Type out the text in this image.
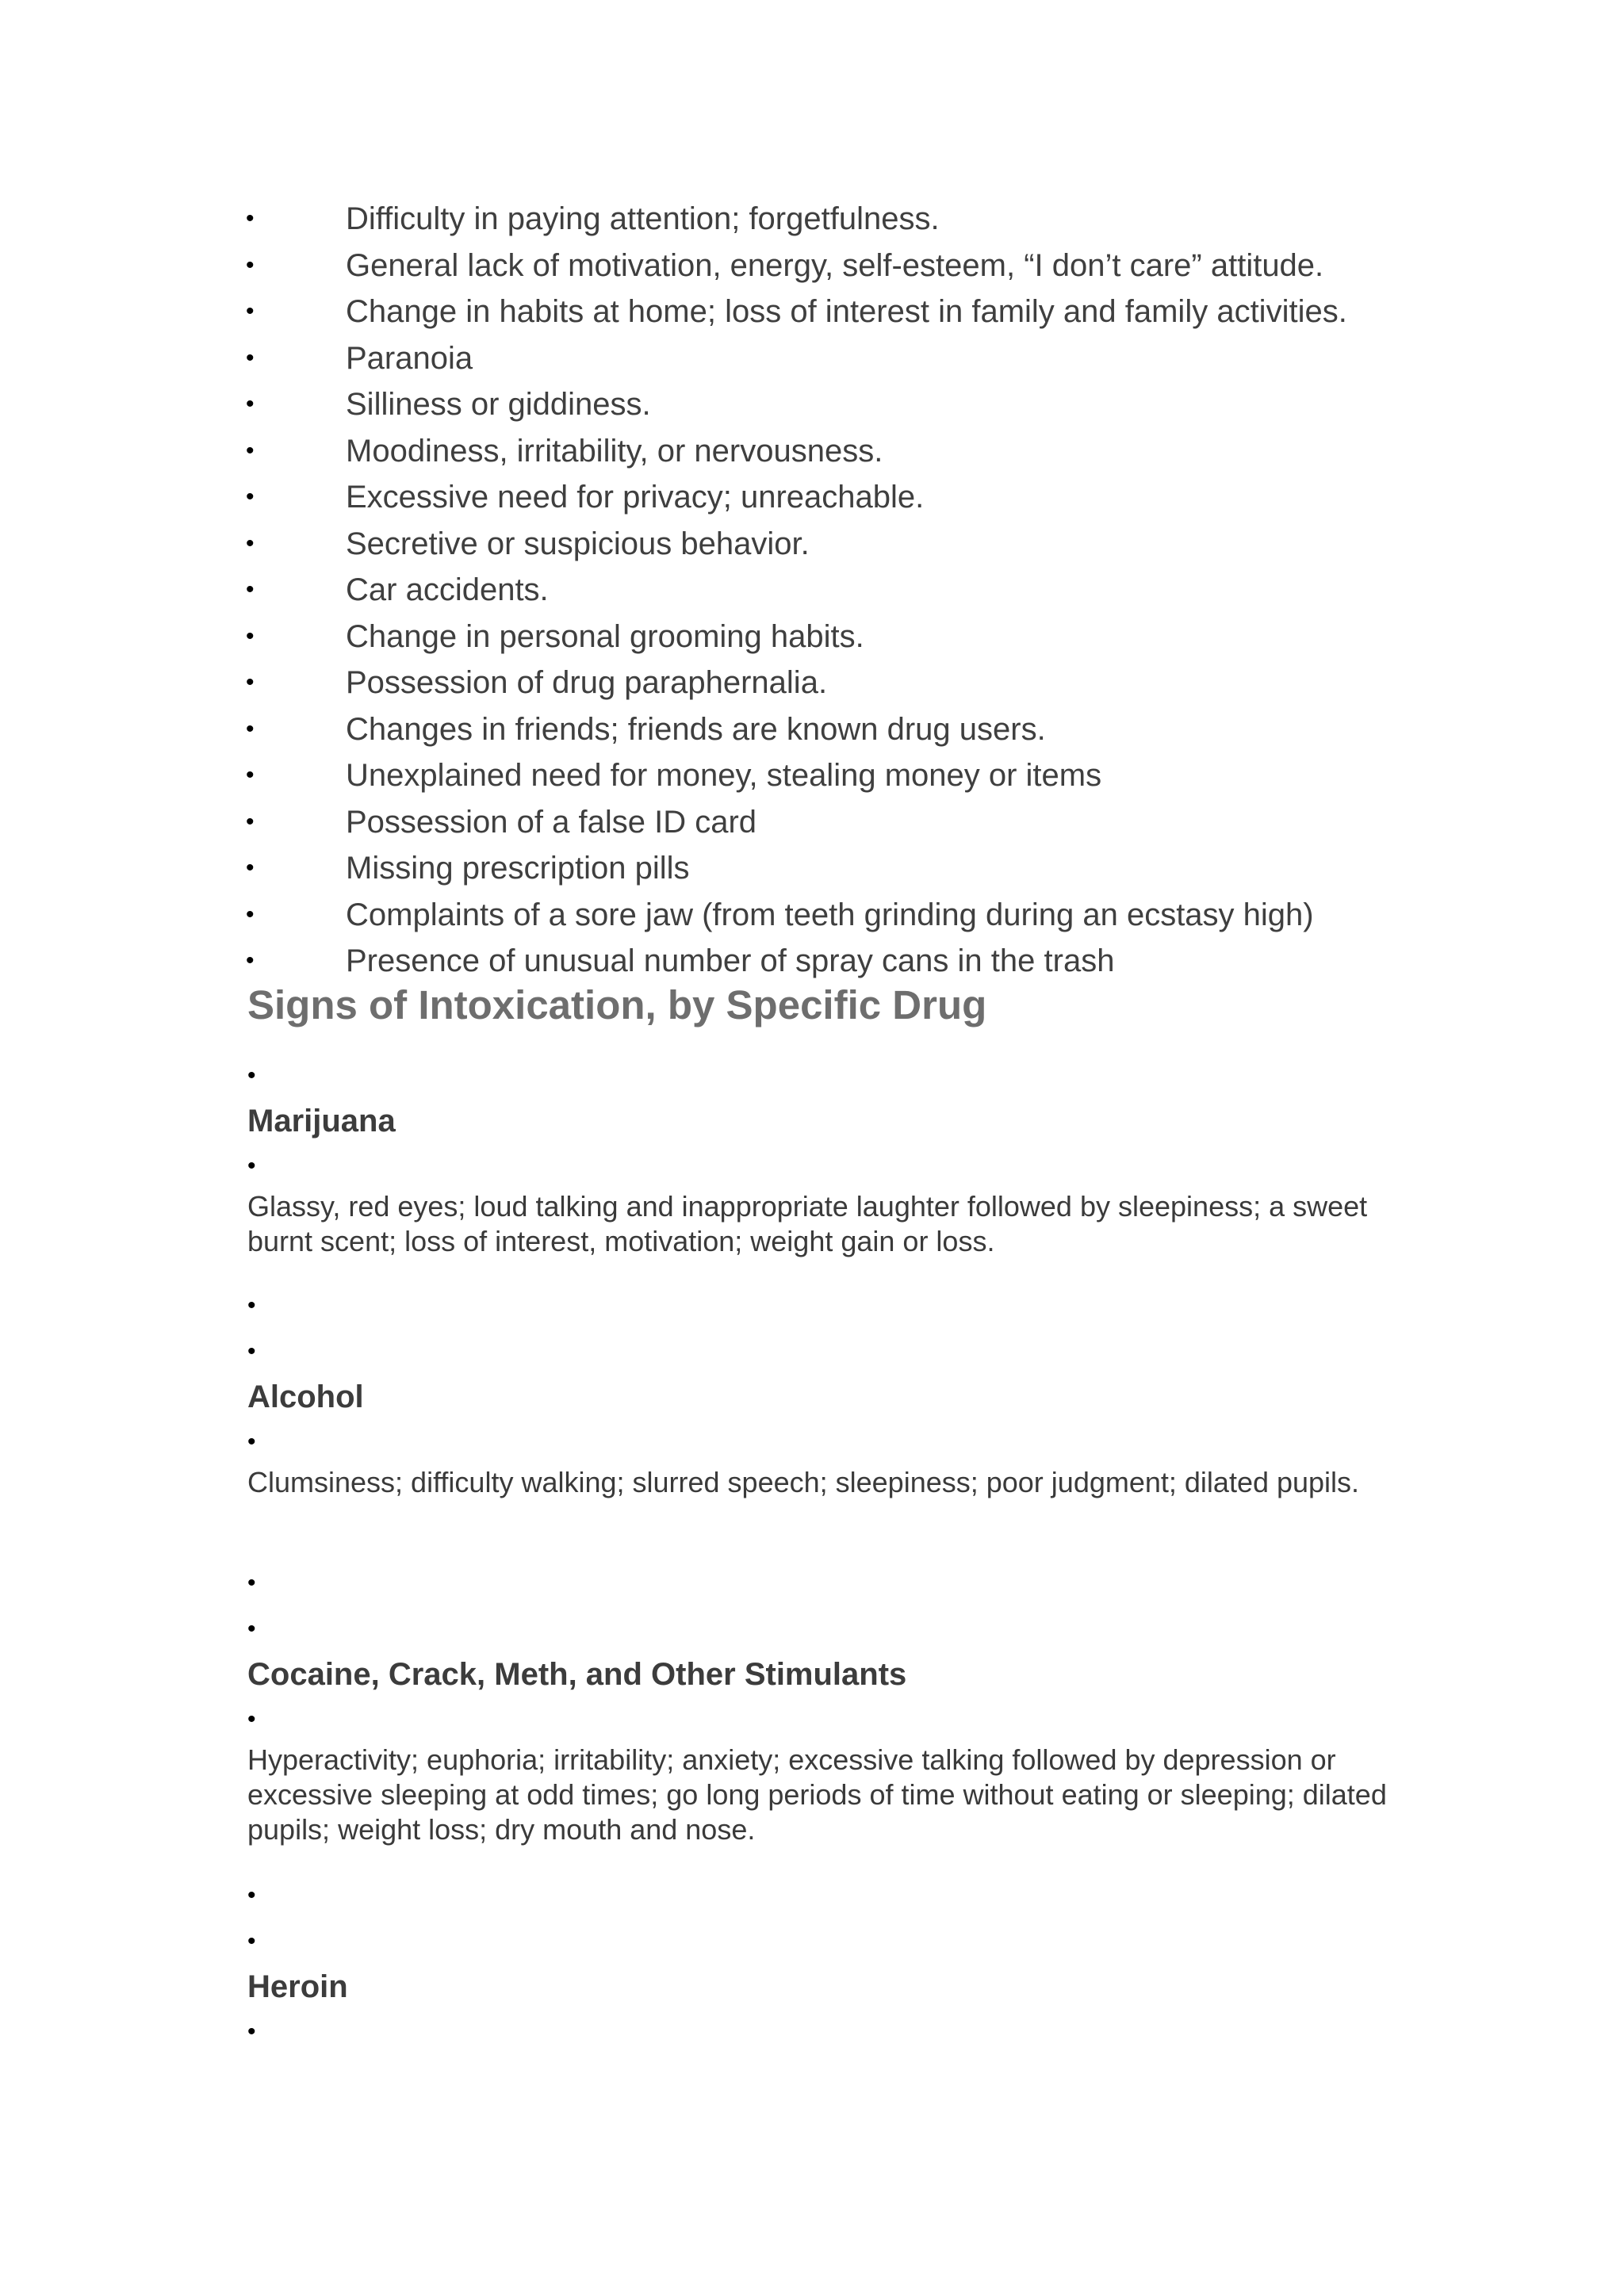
•	Difficulty in paying attention; forgetfulness.
•	General lack of motivation, energy, self-esteem, “I don’t care” attitude.
•	Change in habits at home; loss of interest in family and family activities.
•	Paranoia
•	Silliness or giddiness.
•	Moodiness, irritability, or nervousness.
•	Excessive need for privacy; unreachable.
•	Secretive or suspicious behavior.
•	Car accidents.
•	Change in personal grooming habits.
•	Possession of drug paraphernalia.
•	Changes in friends; friends are known drug users.
•	Unexplained need for money, stealing money or items
•	Possession of a false ID card
•	Missing prescription pills
•	Complaints of a sore jaw (from teeth grinding during an ecstasy high)
•	Presence of unusual number of spray cans in the trash
Signs of Intoxication, by Specific Drug
•
Marijuana
•

Glassy, red eyes; loud talking and inappropriate laughter followed by sleepiness; a sweet burnt scent; loss of interest, motivation; weight gain or loss.

•
•
Alcohol
•

Clumsiness; difficulty walking; slurred speech; sleepiness; poor judgment; dilated pupils.

•
•
Cocaine, Crack, Meth, and Other Stimulants
•

Hyperactivity; euphoria; irritability; anxiety; excessive talking followed by depression or excessive sleeping at odd times; go long periods of time without eating or sleeping; dilated pupils; weight loss; dry mouth and nose.

•
•
Heroin
•
